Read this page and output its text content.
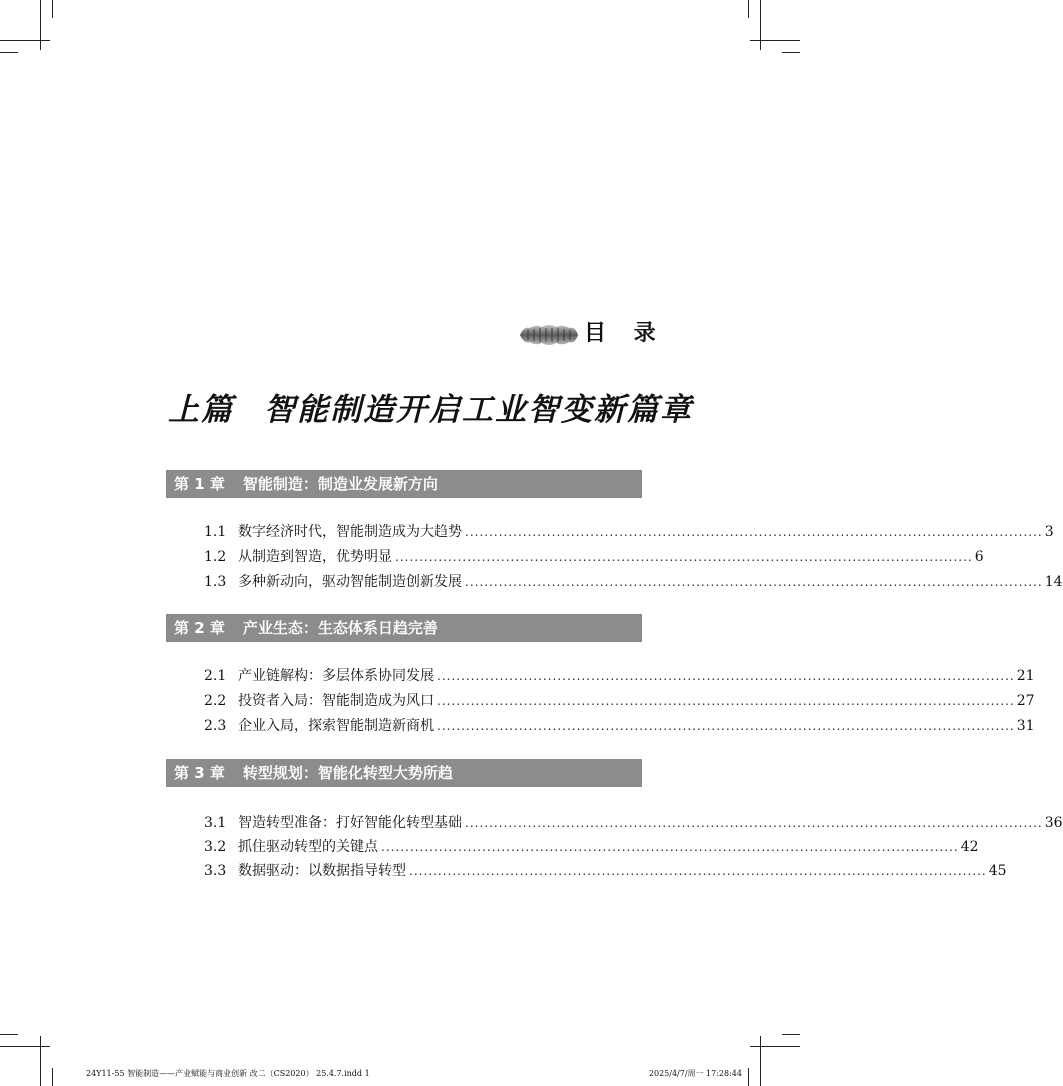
目 录
上篇 智能制造开启工业智变新篇章
第 1 章 智能制造：制造业发展新方向
1.1 数字经济时代，智能制造成为大趋势 ........................................................................................................................ 3
1.2 从制造到智造，优势明显 ........................................................................................................................ 6
1.3 多种新动向，驱动智能制造创新发展 ........................................................................................................................ 14
第 2 章 产业生态：生态体系日趋完善
2.1 产业链解构：多层体系协同发展 ........................................................................................................................ 21
2.2 投资者入局：智能制造成为风口 ........................................................................................................................ 27
2.3 企业入局，探索智能制造新商机 ........................................................................................................................ 31
第 3 章 转型规划：智能化转型大势所趋
3.1 智造转型准备：打好智能化转型基础 ........................................................................................................................ 36
3.2 抓住驱动转型的关键点 ........................................................................................................................ 42
3.3 数据驱动：以数据指导转型 ........................................................................................................................ 45
24Y11-55 智能制造——产业赋能与商业创新 改二（CS2020） 25.4.7.indd 1	2025/4/7/周一 17:28:44
